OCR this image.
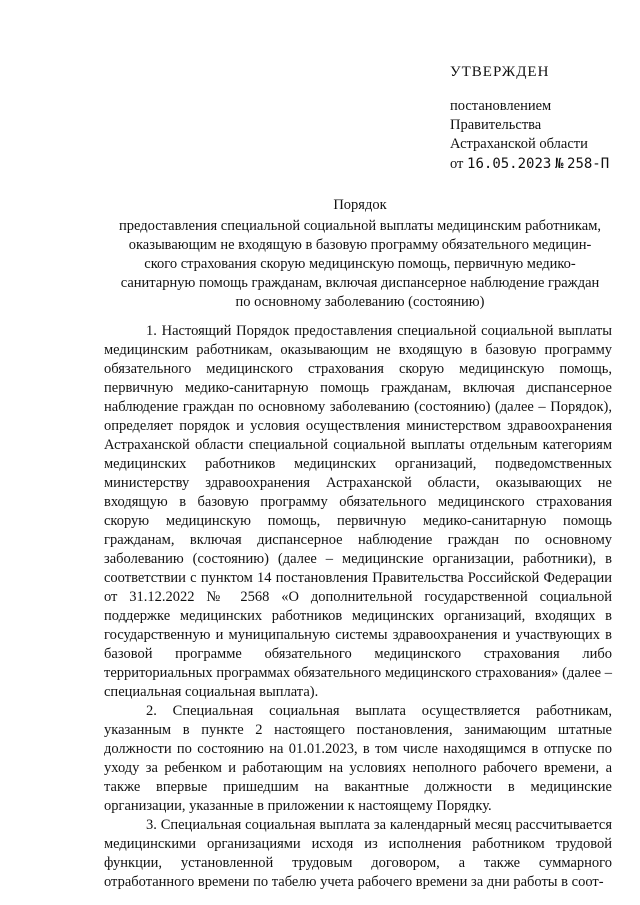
УТВЕРЖДЕН
постановлением
Правительства
Астраханской области
от 16.05.2023 № 258-П
Порядок
предоставления специальной социальной выплаты медицинским работникам,
оказывающим не входящую в базовую программу обязательного медицин-
ского страхования скорую медицинскую помощь, первичную медико-
санитарную помощь гражданам, включая диспансерное наблюдение граждан
по основному заболеванию (состоянию)

1. Настоящий Порядок предоставления специальной социальной выплаты медицинским работникам, оказывающим не входящую в базовую программу обязательного медицинского страхования скорую медицинскую помощь, первичную медико-санитарную помощь гражданам, включая диспансерное наблюдение граждан по основному заболеванию (состоянию) (далее – Порядок), определяет порядок и условия осуществления министерством здравоохранения Астраханской области специальной социальной выплаты отдельным категориям медицинских работников медицинских организаций, подведомственных министерству здравоохранения Астраханской области, оказывающих не входящую в базовую программу обязательного медицинского страхования скорую медицинскую помощь, первичную медико-санитарную помощь гражданам, включая диспансерное наблюдение граждан по основному заболеванию (состоянию) (далее – медицинские организации, работники), в соответствии с пунктом 14 постановления Правительства Российской Федерации от 31.12.2022 № 2568 «О дополнительной государственной социальной поддержке медицинских работников медицинских организаций, входящих в государственную и муниципальную системы здравоохранения и участвующих в базовой программе обязательного медицинского страхования либо территориальных программах обязательного медицинского страхования» (далее – специальная социальная выплата).

2. Специальная социальная выплата осуществляется работникам, указанным в пункте 2 настоящего постановления, занимающим штатные должности по состоянию на 01.01.2023, в том числе находящимся в отпуске по уходу за ребенком и работающим на условиях неполного рабочего времени, а также впервые пришедшим на вакантные должности в медицинские организации, указанные в приложении к настоящему Порядку.

3. Специальная социальная выплата за календарный месяц рассчитывается медицинскими организациями исходя из исполнения работником трудовой функции, установленной трудовым договором, а также суммарного отработанного времени по табелю учета рабочего времени за дни работы в соот-
